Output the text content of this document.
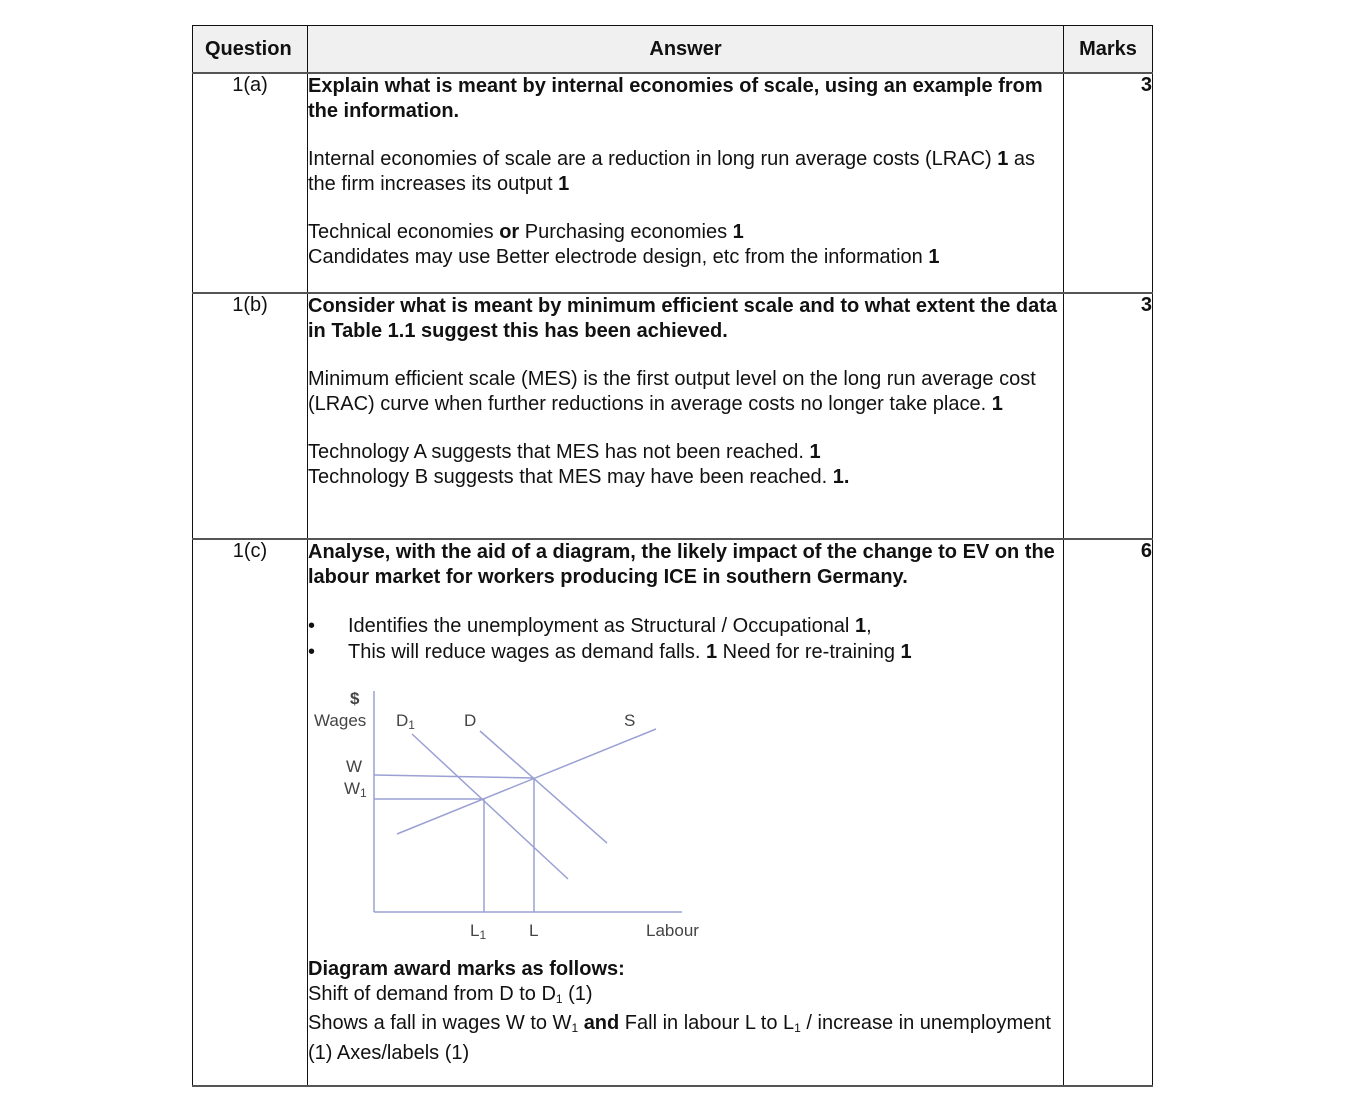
Question	Answer	Marks
1(a)	Explain what is meant by internal economies of scale, using an example from the information.

Internal economies of scale are a reduction in long run average costs (LRAC) 1 as the firm increases its output 1

Technical economies or Purchasing economies 1

Candidates may use Better electrode design, etc from the information 1	3
1(b)	Consider what is meant by minimum efficient scale and to what extent the data in Table 1.1 suggest this has been achieved.

Minimum efficient scale (MES) is the first output level on the long run average cost (LRAC) curve when further reductions in average costs no longer take place. 1

Technology A suggests that MES has not been reached. 1

Technology B suggests that MES may have been reached. 1.	3
1(c)	Analyse, with the aid of a diagram, the likely impact of the change to EV on the labour market for workers producing ICE in southern Germany.

• Identifies the unemployment as Structural / Occupational 1,
• This will reduce wages as demand falls. 1 Need for re-training 1
$
Wages $D_1$	D	S
W
$W_1$
$L_1$	L	Labour

Diagram award marks as follows:

Shift of demand from D to $D_1$ (1)

Shows a fall in wages W to $W_1$ and Fall in labour L to $L_1$ / increase in unemployment (1) Axes/labels (1)

	6
